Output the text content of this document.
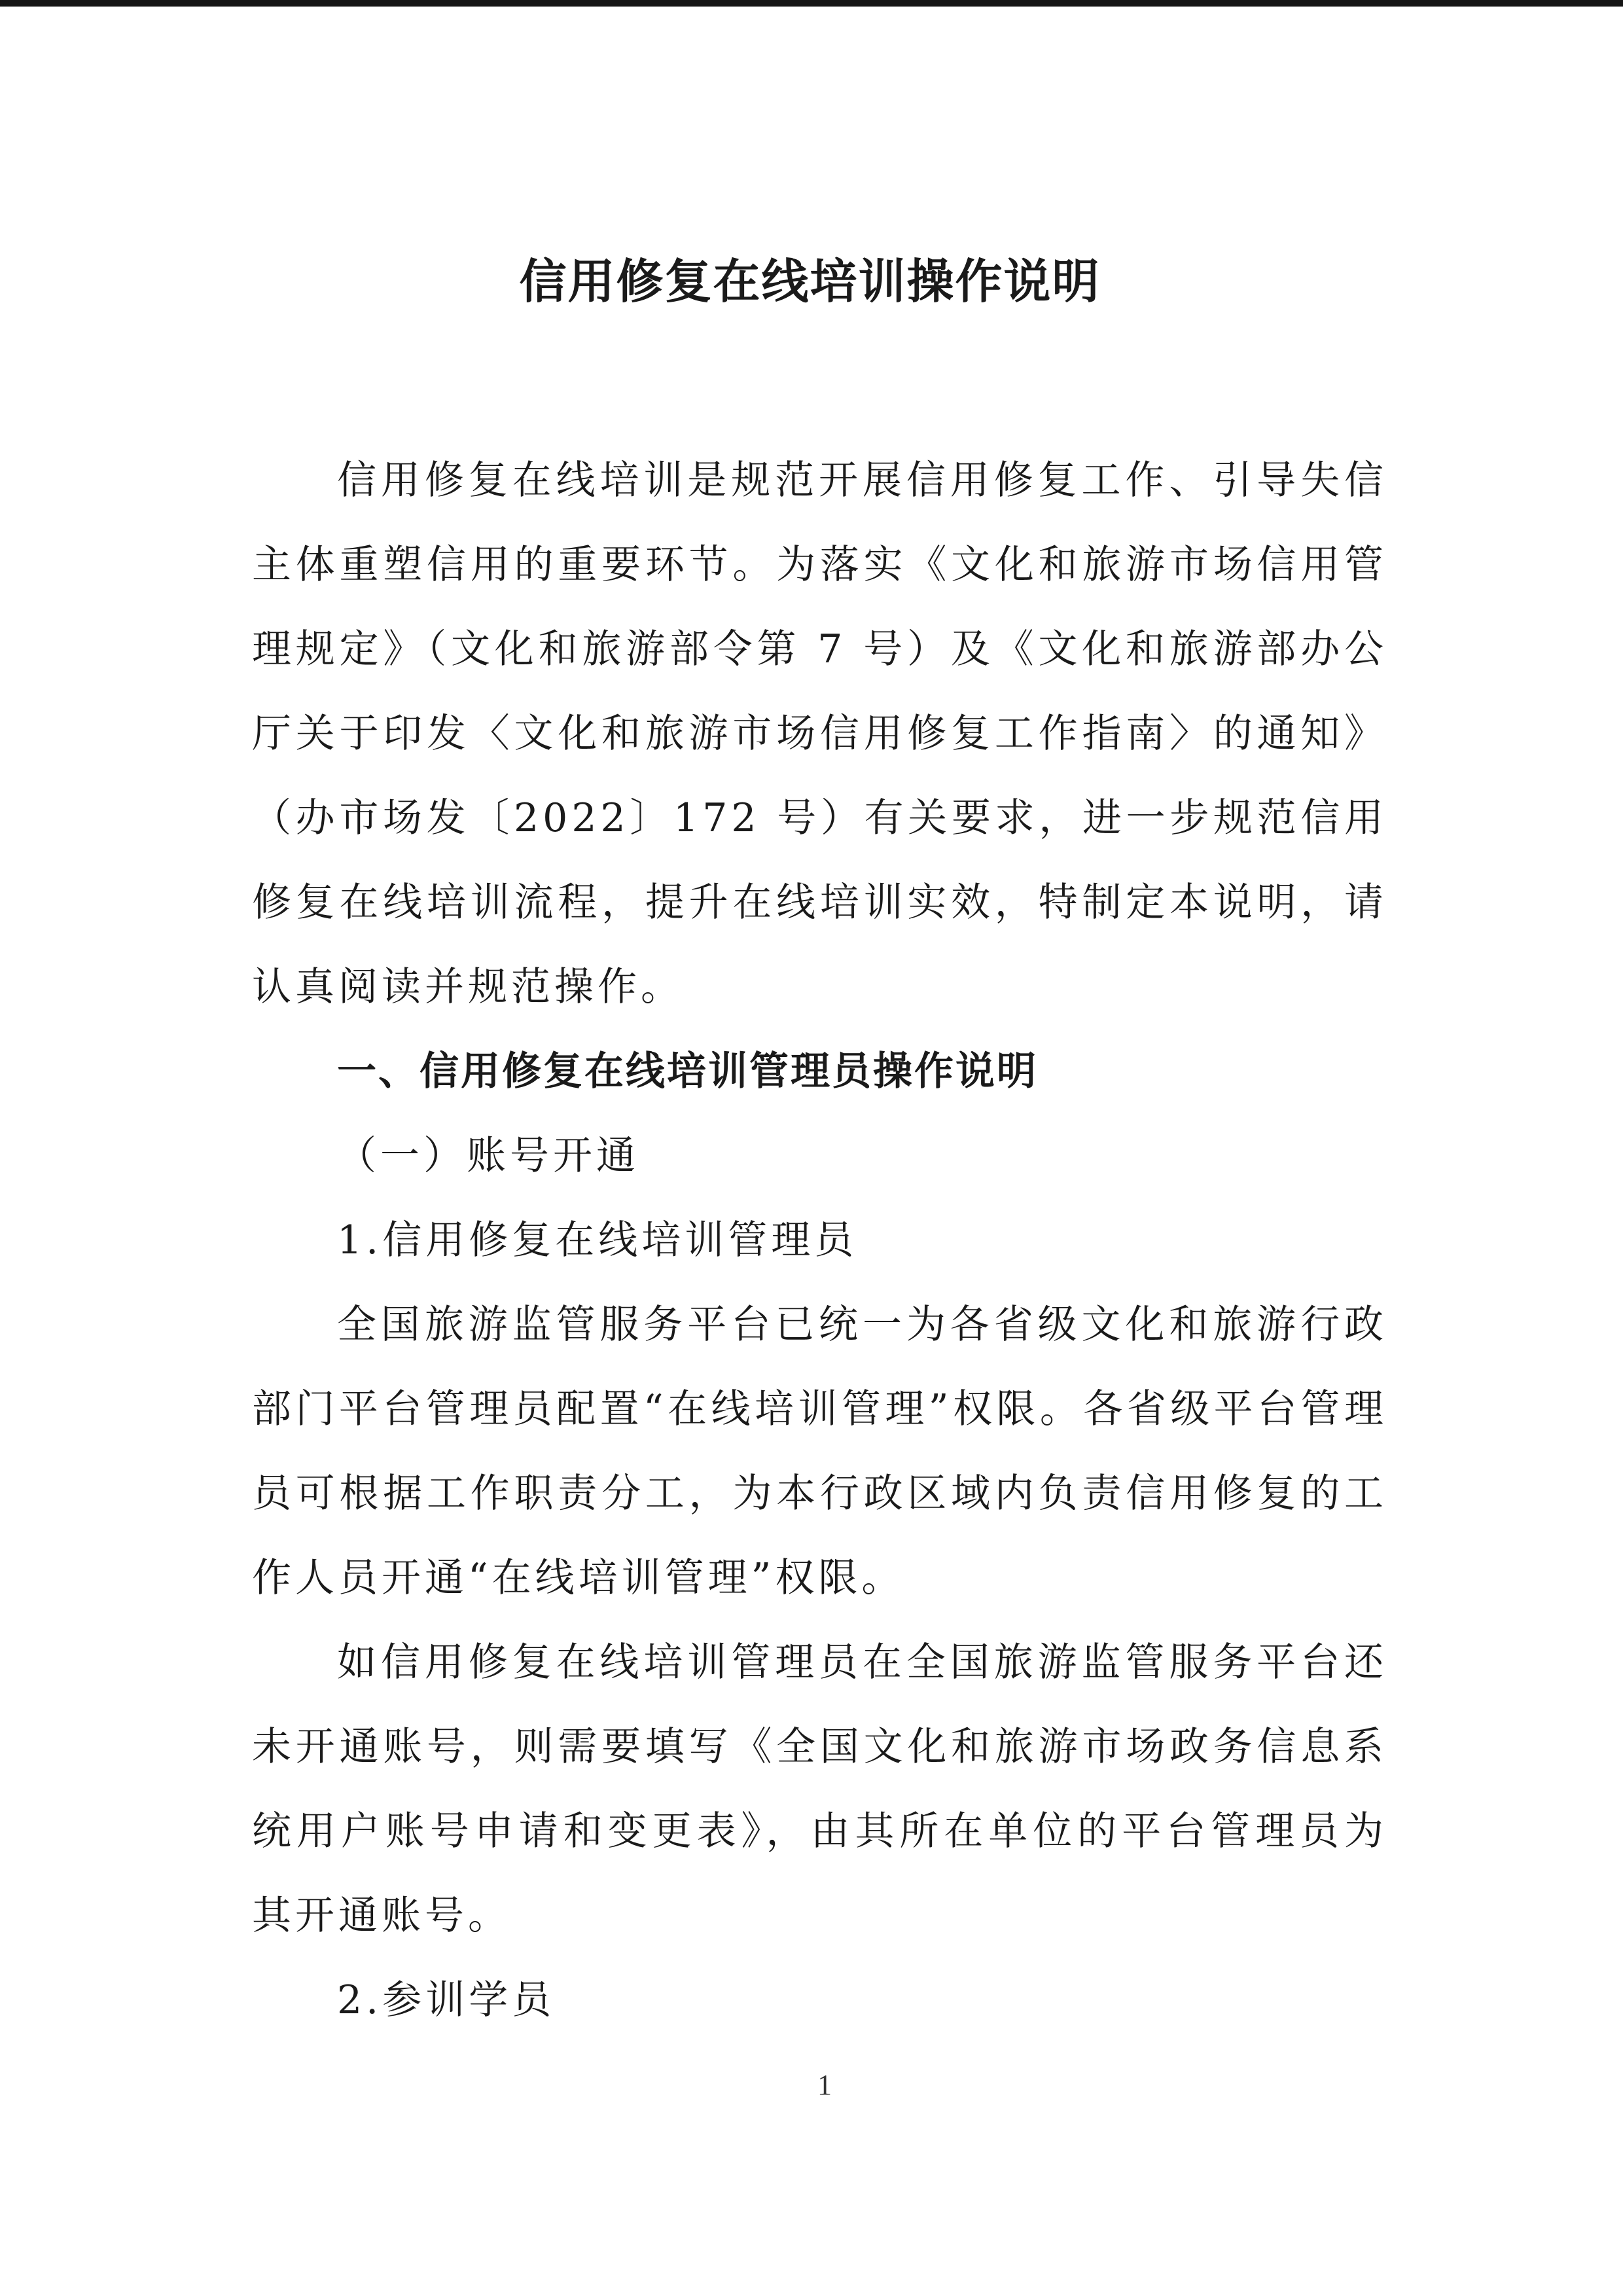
信用修复在线培训操作说明

信用修复在线培训是规范开展信用修复工作、引导失信主体重塑信用的重要环节。为落实《文化和旅游市场信用管理规定》（文化和旅游部令第 7 号）及《文化和旅游部办公厅关于印发〈文化和旅游市场信用修复工作指南〉的通知》（办市场发〔2022〕172 号）有关要求，进一步规范信用修复在线培训流程，提升在线培训实效，特制定本说明，请认真阅读并规范操作。

一、信用修复在线培训管理员操作说明

（一）账号开通

1.信用修复在线培训管理员

全国旅游监管服务平台已统一为各省级文化和旅游行政部门平台管理员配置“在线培训管理”权限。各省级平台管理员可根据工作职责分工，为本行政区域内负责信用修复的工作人员开通“在线培训管理”权限。

如信用修复在线培训管理员在全国旅游监管服务平台还未开通账号，则需要填写《全国文化和旅游市场政务信息系统用户账号申请和变更表》，由其所在单位的平台管理员为其开通账号。

2.参训学员

1
